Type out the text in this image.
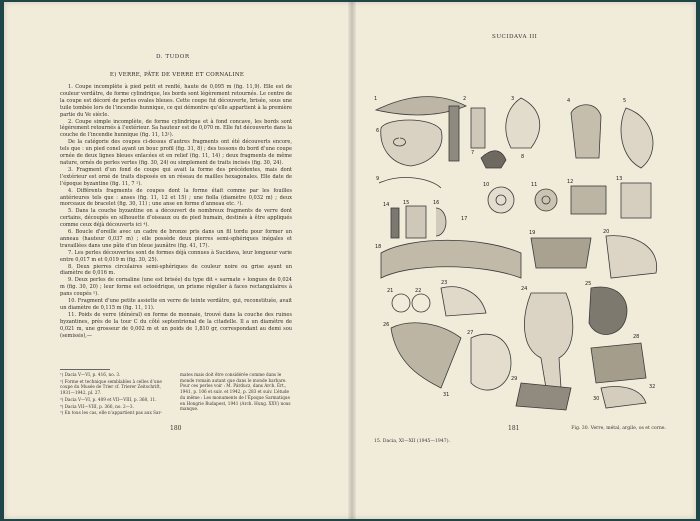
D. TUDOR
E) VERRE, PÂTE DE VERRE ET CORNALINE

1. Coupe incomplète à pied petit et renflé, haute de 0,095 m (fig. 11,9). Elle est de couleur verdâtre, de forme cylindrique, les bords sont légèrement retournés. Le centre de la coupe est décoré de perles ovales bleues. Cette coupe fut découverte, brisée, sous une tuile tombée lors de l’incendie hunnique, ce qui démontre qu’elle appartient à la première partie du Ve siècle.

2. Coupe simple incomplète, de forme cylindrique et à fond concave, les bords sont légèrement retournés à l’extérieur. Sa hauteur est de 0,070 m. Elle fut découverte dans la couche de l’incendie hunnique (fig. 11, 13¹).

De la catégorie des coupes ci-dessus d’autres fragments ont été découverts encore, tels que : un pied conel ayant un bouc profil (fig. 31, 8) ; des tessons du bord d’une coupe ornée de deux lignes bleues enlacées et en relief (fig. 11, 14) ; deux fragments de même nature, ornés de perles vertes (fig. 30, 24) ou simplement de traits incisés (fig. 30, 24).

3. Fragment d’un fond de coupe qui avait la forme des précédentes, mais dont l’extérieur est orné de traits disposés en un réseau de mailles hexagonales. Elle date de l’époque byzantine (fig. 11, 7 ²).

4. Différents fragments de coupes dont la forme était comme par les fouilles antérieures tels que : anses (fig. 11, 12 et 15) ; une fiolla (diamètre 0,032 m) ; deux morceaux de bracelet (fig. 30, 11) ; une anse en forme d’anneau etc. ³).

5. Dans la couche byzantine on a découvert de nombreux fragments de verre dont certains, découpés en silhouette d’oiseaux ou de pied humain, destinés à être appliqués comme ceux déjà découverts ici ⁴).

6. Boucle d’oreille avec un cadre de bronze pris dans un fil tordu pour former un anneau (hauteur 0,037 m) ; elle possède deux pierres semi-sphériques inégales et travaillées dans une pâte d’un bleue jaunâtre (fig. 41, 17).

7. Les perles découvertes sont de formes déjà connues à Sucidava, leur longueur varie entre 0,017 m et 0,019 m (fig. 30, 25).

8. Deux pierres circulaires semi-sphériques de couleur noire ou grise ayant un diamètre de 0,016 m.

9. Deux perles de cornaline (une est brisée) du type dit « sarmate » longues de 0,024 m (fig. 30, 20) ; leur forme est octoédrique, un prisme régulier à faces rectangulaires à pans coupés ⁵).

10. Fragment d’une petite assiette en verre de teinte verdâtre, qui, reconstituée, avait un diamètre de 0,115 m (fig. 11, 11).

11. Poids de verre (dénéral) en forme de monnaie, trouvé dans la couche des ruines byzantines, près de la tour C du côté septentrional de la citadelle. Il a un diamètre de 0,021 m, une grosseur de 0,002 m et un poids de 1,810 gr, correspondant au demi sou (semissis),—

¹) Dacia V—VI, p. 416, no. 3.

²) Forme et technique semblables à celles d’une coupe du Musée de Trier cf. Trierer Zeitschrift, 1931—1942, pl. 27.

³) Dacia V—VI, p. 409 et VII—VIII, p. 368, 11.

⁴) Dacia VII—VIII, p. 366, no. 2—3.

⁵) En tous les cas, elle n’appartient pas aux Sar-

mates mais doit être considérée comme dans le monde romain autant que dans le monde barbare. Pour ces perles voir : M. Párducz, dans Arch. Ért., 1941, p. 106 et suiv. et 1942, p. 283 et suiv. L’étude du même : Les monuments de l’Époque Sarmatique en Hongrie Budapest, 1941 (Arch. Hung. XXV) nous manque.

180
SUCIDAVA III
1	2	3	4	5
6
7
8
9
10	11	12	13
14	15	16
17
18
19	20
21	22
23
24
25
26
27
28
29
30
31
32
Fig. 30. Verre, métal, argile, os et corne.
181
15. Dacia, XI—XII (1945—1947).
